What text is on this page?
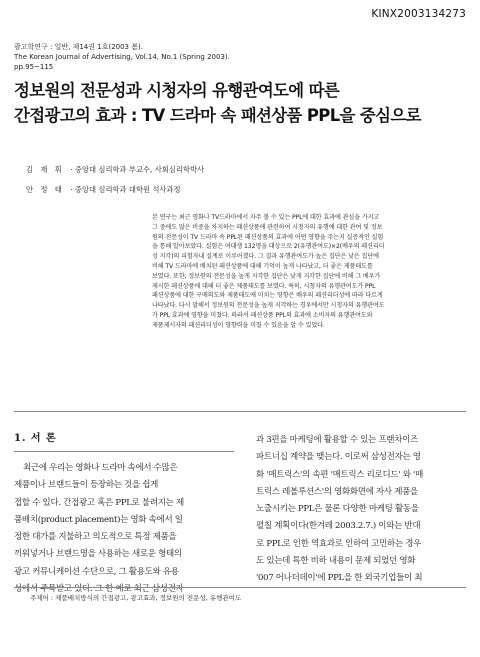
KINX2003134273
광고학연구 : 일반, 제14권 1호(2003 봄).
The Korean Journal of Advertising, Vol.14, No.1 (Spring 2003).
pp.95~115
정보원의 전문성과 시청자의 유행관여도에 따른
간접광고의 효과 : TV 드라마 속 패션상품 PPL을 중심으로
김 재 휘 · 중앙대 심리학과 부교수, 사회심리학박사
안 정 태 · 중앙대 심리학과 대학원 석사과정
본 연구는 최근 영화나 TV드라마에서 자주 볼 수 있는 PPL에 대한 효과에 관심을 가지고
그 중에도 많은 비중을 차지하는 패션상품에 관련하여 시청자의 유행에 대한 관여 및 정보
원의 전문성이 TV 드라마 속 PPL된 패션상품의 효과에 어떤 영향을 주는지 실증적인 실험
을 통해 알아보았다. 실험은 여대생 132명을 대상으로 2(유행관여도)×2(배우의 패션리더
성 지각)의 피험자내 설계로 이루어졌다. 그 결과 유행관여도가 높은 집단은 낮은 집단에
비해 TV 드라마에 배치된 패션상품에 대해 기억이 높게 나타났고, 더 좋은 제품태도를
보였다. 또한, 정보원의 전문성을 높게 지각한 집단은 낮게 지각한 집단에 비해 그 배우가
제시한 패션상품에 대해 더 좋은 제품태도를 보였다. 특히, 시청자의 유행관여도가 PPL
패션상품에 대한 구매의도와 제품태도에 미치는 영향은 배우의 패션리더성에 따라 다르게
나타났다. 다시 말해서 정보원의 전문성을 높게 지각하는 경우에서만 시청자의 유행관여도
가 PPL 효과에 영향을 미쳤다. 따라서 패션상품 PPL의 효과에 소비자의 유행관여도와
제품제시자의 패션리더성이 영향력을 미칠 수 있음을 알 수 있었다.
1. 서 론
최근에 우리는 영화나 드라마 속에서 수많은
제품이나 브랜드들이 등장하는 것을 쉽게
접할 수 있다. 간접광고 혹은 PPL로 불려지는 제
품배치(product placement)는 영화 속에서 일
정한 대가를 지불하고 의도적으로 특정 제품을
끼워넣거나 브랜드명을 사용하는 새로운 형태의
광고 커뮤니케이션 수단으로, 그 활용도와 유용
성에서 주목받고 있다. 그 한 예로 최근 삼성전자
과 3편을 마케팅에 활용할 수 있는 프랜차이즈
파트너십 계약을 맺는다. 이로써 삼성전자는 영
화 '매트릭스'의 속편 '매트릭스 리로디드' 와 '매
트릭스 레볼루션스'의 영화화면에 자사 제품을
노출시키는 PPL은 물론 다양한 마케팅 활동을
펼칠 계획이다(한겨레 2003.2.7.) 이와는 반대
로 PPL로 인한 역효과로 인하여 고민하는 경우
도 있는데 특한 비하 내용이 문제 되었던 영화
'007 어나더데이'에 PPL을 한 외국기업들이 최
주제어 : 제품배치방식의 간접광고, 광고효과, 정보원의 전문성, 유행관여도
